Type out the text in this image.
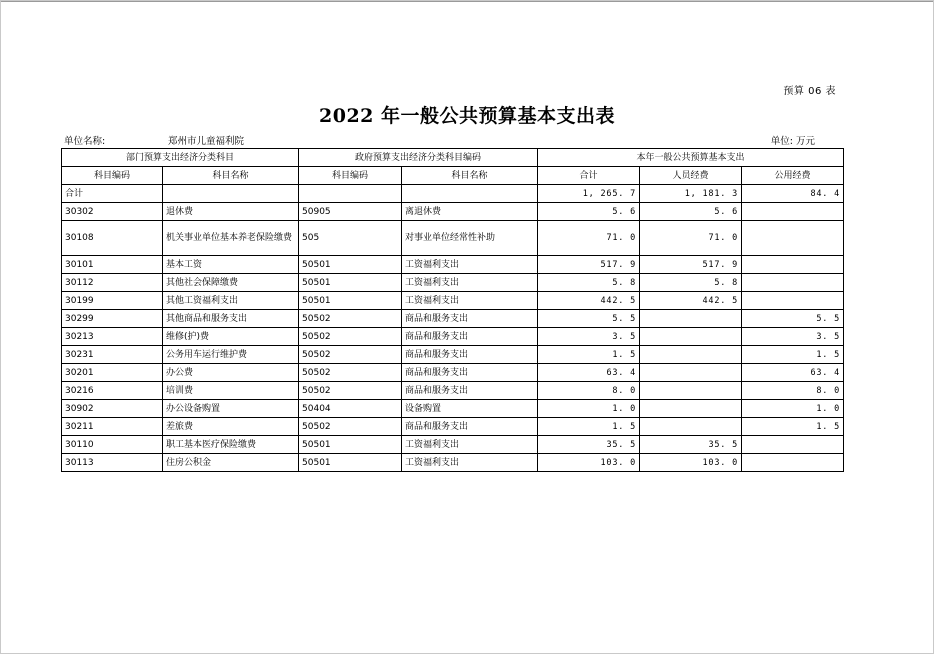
预算 06 表
2022 年一般公共预算基本支出表
单位名称:	郑州市儿童福利院	单位: 万元
部门预算支出经济分类科目		政府预算支出经济分类科目编码		本年一般公共预算基本支出		
科目编码	科目名称	科目编码	科目名称	合计	人员经费	公用经费
合计				1, 265. 7	1, 181. 3	84. 4
30302	退休费	50905	离退休费	5. 6	5. 6	
30108	机关事业单位基本养老保险缴费	505	对事业单位经常性补助	71. 0	71. 0	
30101	基本工资	50501	工资福利支出	517. 9	517. 9	
30112	其他社会保障缴费	50501	工资福利支出	5. 8	5. 8	
30199	其他工资福利支出	50501	工资福利支出	442. 5	442. 5	
30299	其他商品和服务支出	50502	商品和服务支出	5. 5		5. 5
30213	维修(护)费	50502	商品和服务支出	3. 5		3. 5
30231	公务用车运行维护费	50502	商品和服务支出	1. 5		1. 5
30201	办公费	50502	商品和服务支出	63. 4		63. 4
30216	培训费	50502	商品和服务支出	8. 0		8. 0
30902	办公设备购置	50404	设备购置	1. 0		1. 0
30211	差旅费	50502	商品和服务支出	1. 5		1. 5
30110	职工基本医疗保险缴费	50501	工资福利支出	35. 5	35. 5	
30113	住房公积金	50501	工资福利支出	103. 0	103. 0	
